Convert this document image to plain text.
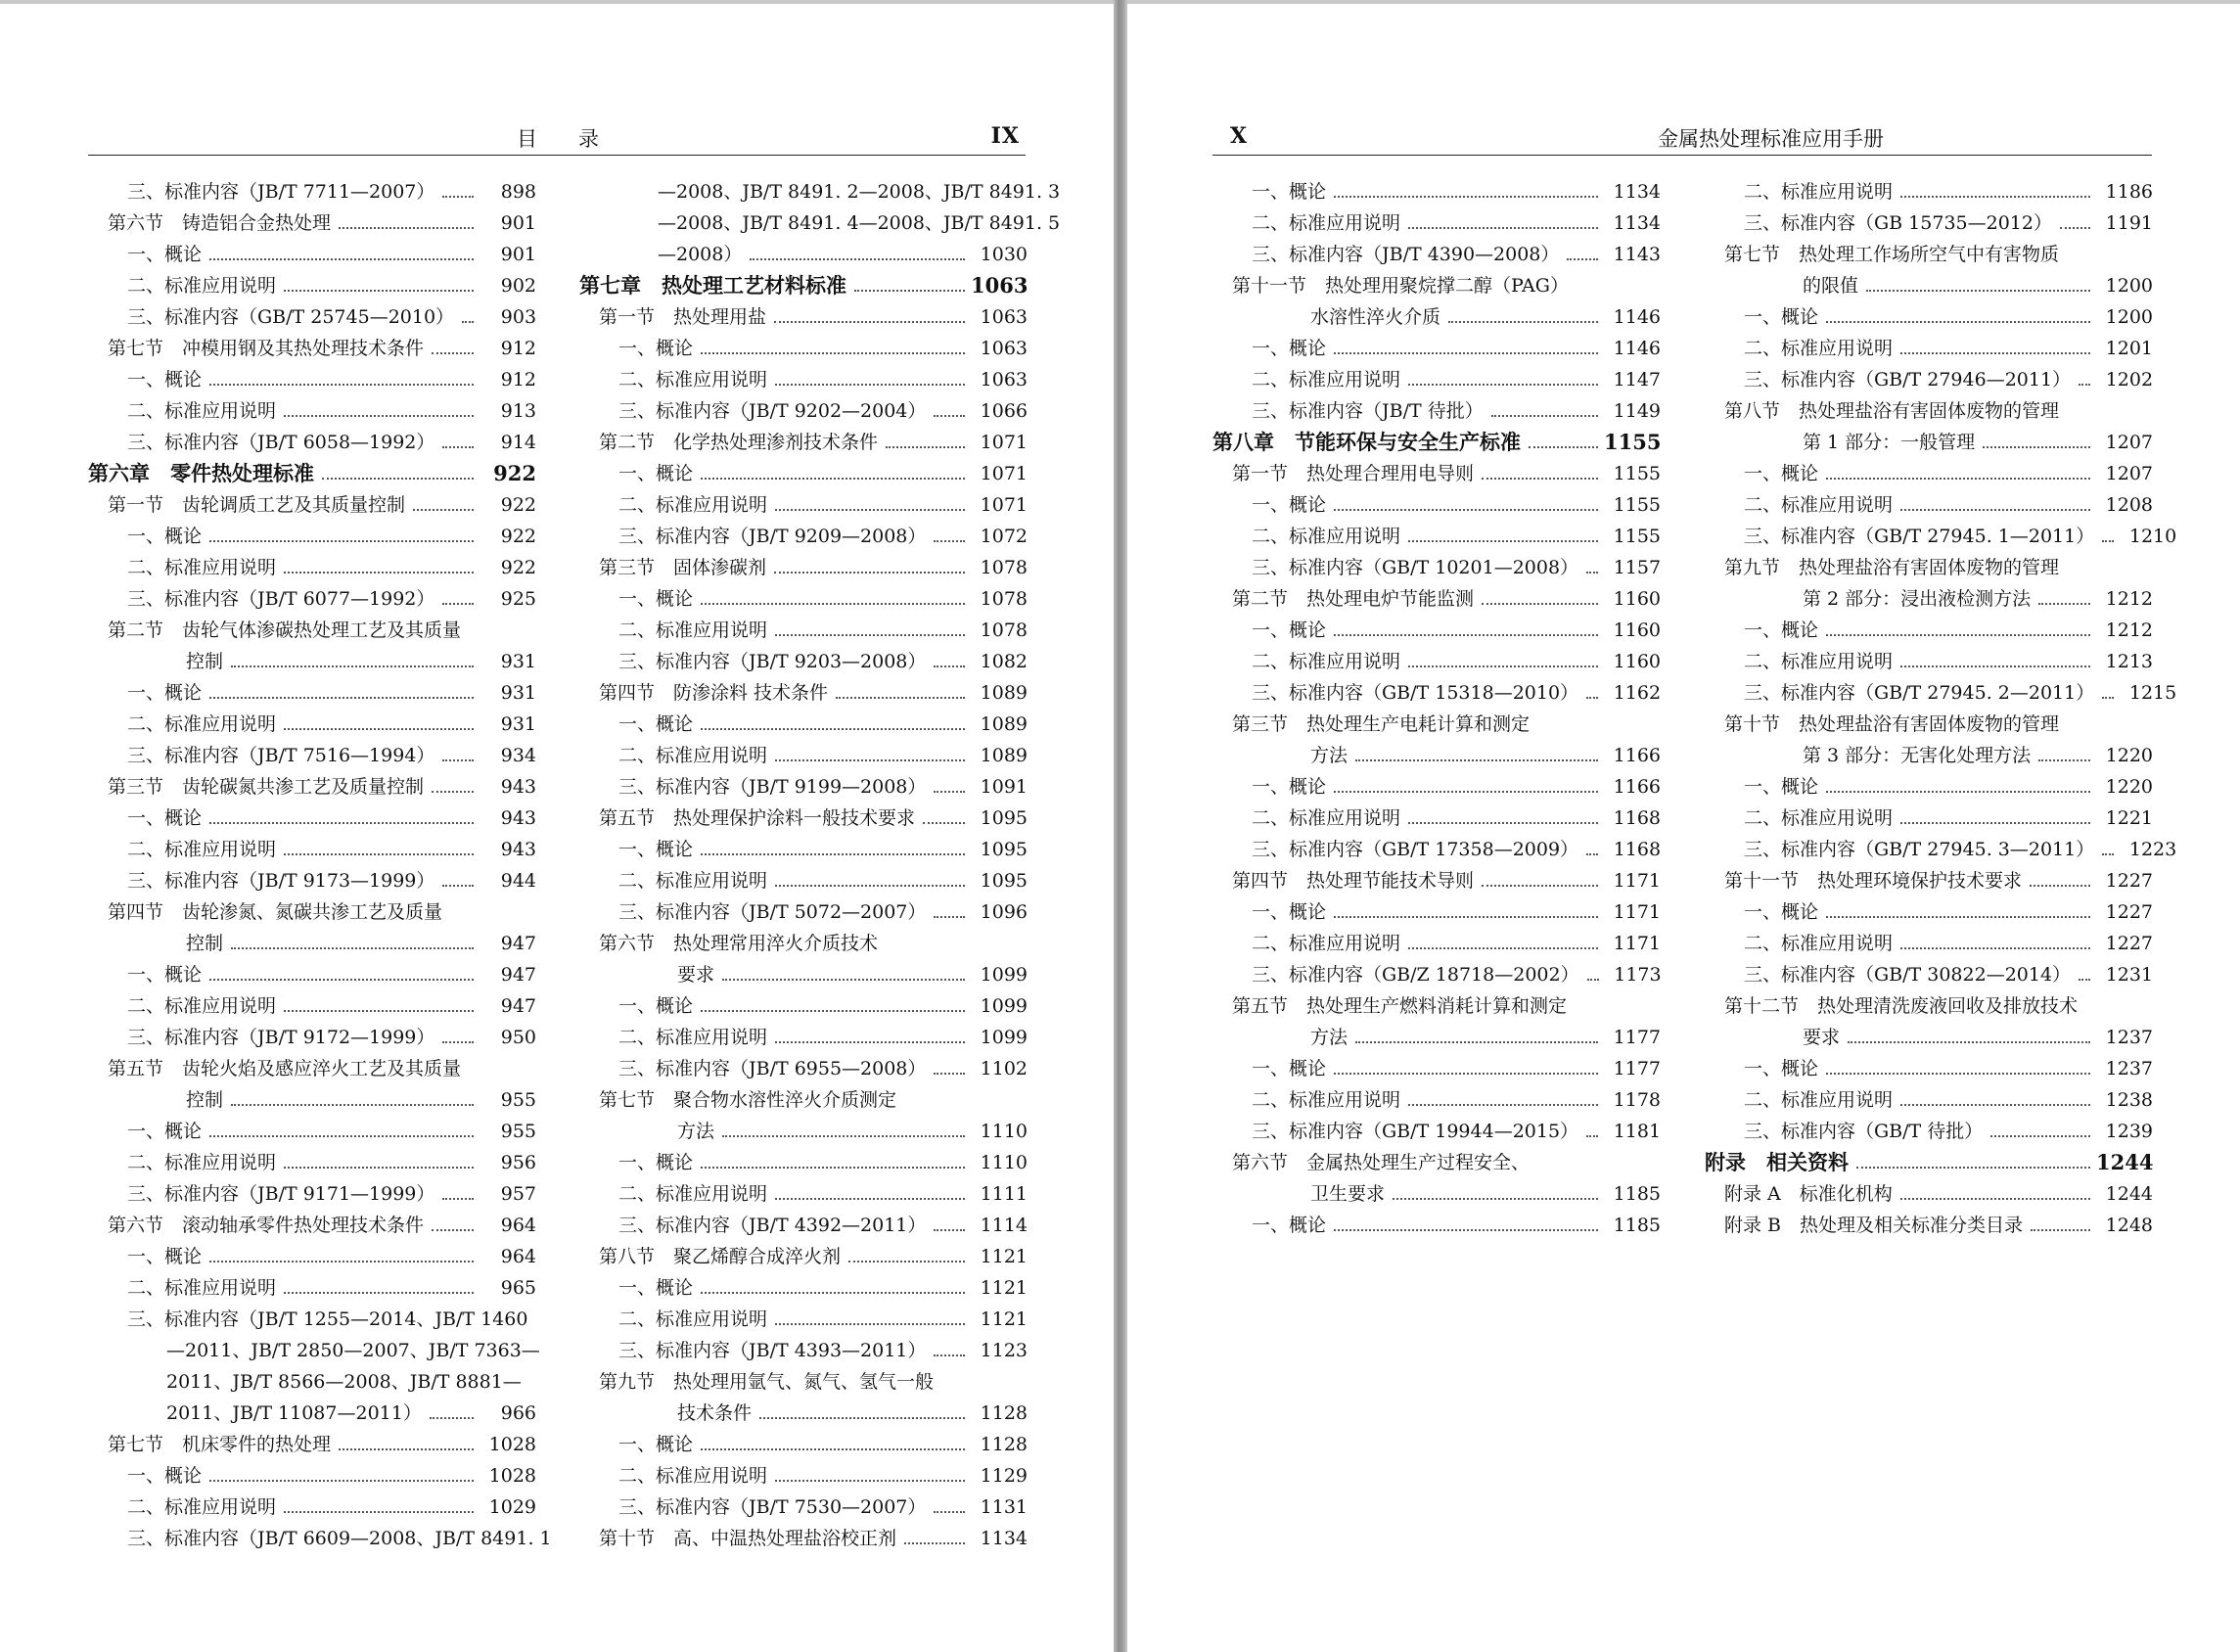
目　　录	IX
三、标准内容（JB/T 7711—2007）	898
第六节　铸造铝合金热处理	901
一、概论	901
二、标准应用说明	902
三、标准内容（GB/T 25745—2010）	903
第七节　冲模用钢及其热处理技术条件	912
一、概论	912
二、标准应用说明	913
三、标准内容（JB/T 6058—1992）	914
第六章　零件热处理标准	922
第一节　齿轮调质工艺及其质量控制	922
一、概论	922
二、标准应用说明	922
三、标准内容（JB/T 6077—1992）	925
第二节　齿轮气体渗碳热处理工艺及其质量
控制	931
一、概论	931
二、标准应用说明	931
三、标准内容（JB/T 7516—1994）	934
第三节　齿轮碳氮共渗工艺及质量控制	943
一、概论	943
二、标准应用说明	943
三、标准内容（JB/T 9173—1999）	944
第四节　齿轮渗氮、氮碳共渗工艺及质量
控制	947
一、概论	947
二、标准应用说明	947
三、标准内容（JB/T 9172—1999）	950
第五节　齿轮火焰及感应淬火工艺及其质量
控制	955
一、概论	955
二、标准应用说明	956
三、标准内容（JB/T 9171—1999）	957
第六节　滚动轴承零件热处理技术条件	964
一、概论	964
二、标准应用说明	965
三、标准内容（JB/T 1255—2014、JB/T 1460
—2011、JB/T 2850—2007、JB/T 7363—
2011、JB/T 8566—2008、JB/T 8881—
2011、JB/T 11087—2011）	966
第七节　机床零件的热处理	1028
一、概论	1028
二、标准应用说明	1029
三、标准内容（JB/T 6609—2008、JB/T 8491. 1
—2008、JB/T 8491. 2—2008、JB/T 8491. 3
—2008、JB/T 8491. 4—2008、JB/T 8491. 5
—2008）	1030
第七章　热处理工艺材料标准	1063
第一节　热处理用盐	1063
一、概论	1063
二、标准应用说明	1063
三、标准内容（JB/T 9202—2004）	1066
第二节　化学热处理渗剂技术条件	1071
一、概论	1071
二、标准应用说明	1071
三、标准内容（JB/T 9209—2008）	1072
第三节　固体渗碳剂	1078
一、概论	1078
二、标准应用说明	1078
三、标准内容（JB/T 9203—2008）	1082
第四节　防渗涂料 技术条件	1089
一、概论	1089
二、标准应用说明	1089
三、标准内容（JB/T 9199—2008）	1091
第五节　热处理保护涂料一般技术要求	1095
一、概论	1095
二、标准应用说明	1095
三、标准内容（JB/T 5072—2007）	1096
第六节　热处理常用淬火介质技术
要求	1099
一、概论	1099
二、标准应用说明	1099
三、标准内容（JB/T 6955—2008）	1102
第七节　聚合物水溶性淬火介质测定
方法	1110
一、概论	1110
二、标准应用说明	1111
三、标准内容（JB/T 4392—2011）	1114
第八节　聚乙烯醇合成淬火剂	1121
一、概论	1121
二、标准应用说明	1121
三、标准内容（JB/T 4393—2011）	1123
第九节　热处理用氩气、氮气、氢气一般
技术条件	1128
一、概论	1128
二、标准应用说明	1129
三、标准内容（JB/T 7530—2007）	1131
第十节　高、中温热处理盐浴校正剂	1134
X	金属热处理标准应用手册
一、概论	1134
二、标准应用说明	1134
三、标准内容（JB/T 4390—2008）	1143
第十一节　热处理用聚烷撑二醇（PAG）
水溶性淬火介质	1146
一、概论	1146
二、标准应用说明	1147
三、标准内容（JB/T 待批）	1149
第八章　节能环保与安全生产标准	1155
第一节　热处理合理用电导则	1155
一、概论	1155
二、标准应用说明	1155
三、标准内容（GB/T 10201—2008）	1157
第二节　热处理电炉节能监测	1160
一、概论	1160
二、标准应用说明	1160
三、标准内容（GB/T 15318—2010）	1162
第三节　热处理生产电耗计算和测定
方法	1166
一、概论	1166
二、标准应用说明	1168
三、标准内容（GB/T 17358—2009）	1168
第四节　热处理节能技术导则	1171
一、概论	1171
二、标准应用说明	1171
三、标准内容（GB/Z 18718—2002）	1173
第五节　热处理生产燃料消耗计算和测定
方法	1177
一、概论	1177
二、标准应用说明	1178
三、标准内容（GB/T 19944—2015）	1181
第六节　金属热处理生产过程安全、
卫生要求	1185
一、概论	1185
二、标准应用说明	1186
三、标准内容（GB 15735—2012）	1191
第七节　热处理工作场所空气中有害物质
的限值	1200
一、概论	1200
二、标准应用说明	1201
三、标准内容（GB/T 27946—2011）	1202
第八节　热处理盐浴有害固体废物的管理
第 1 部分：一般管理	1207
一、概论	1207
二、标准应用说明	1208
三、标准内容（GB/T 27945. 1—2011）	1210
第九节　热处理盐浴有害固体废物的管理
第 2 部分：浸出液检测方法	1212
一、概论	1212
二、标准应用说明	1213
三、标准内容（GB/T 27945. 2—2011）	1215
第十节　热处理盐浴有害固体废物的管理
第 3 部分：无害化处理方法	1220
一、概论	1220
二、标准应用说明	1221
三、标准内容（GB/T 27945. 3—2011）	1223
第十一节　热处理环境保护技术要求	1227
一、概论	1227
二、标准应用说明	1227
三、标准内容（GB/T 30822—2014）	1231
第十二节　热处理清洗废液回收及排放技术
要求	1237
一、概论	1237
二、标准应用说明	1238
三、标准内容（GB/T 待批）	1239
附录　相关资料	1244
附录 A　标准化机构	1244
附录 B　热处理及相关标准分类目录	1248
